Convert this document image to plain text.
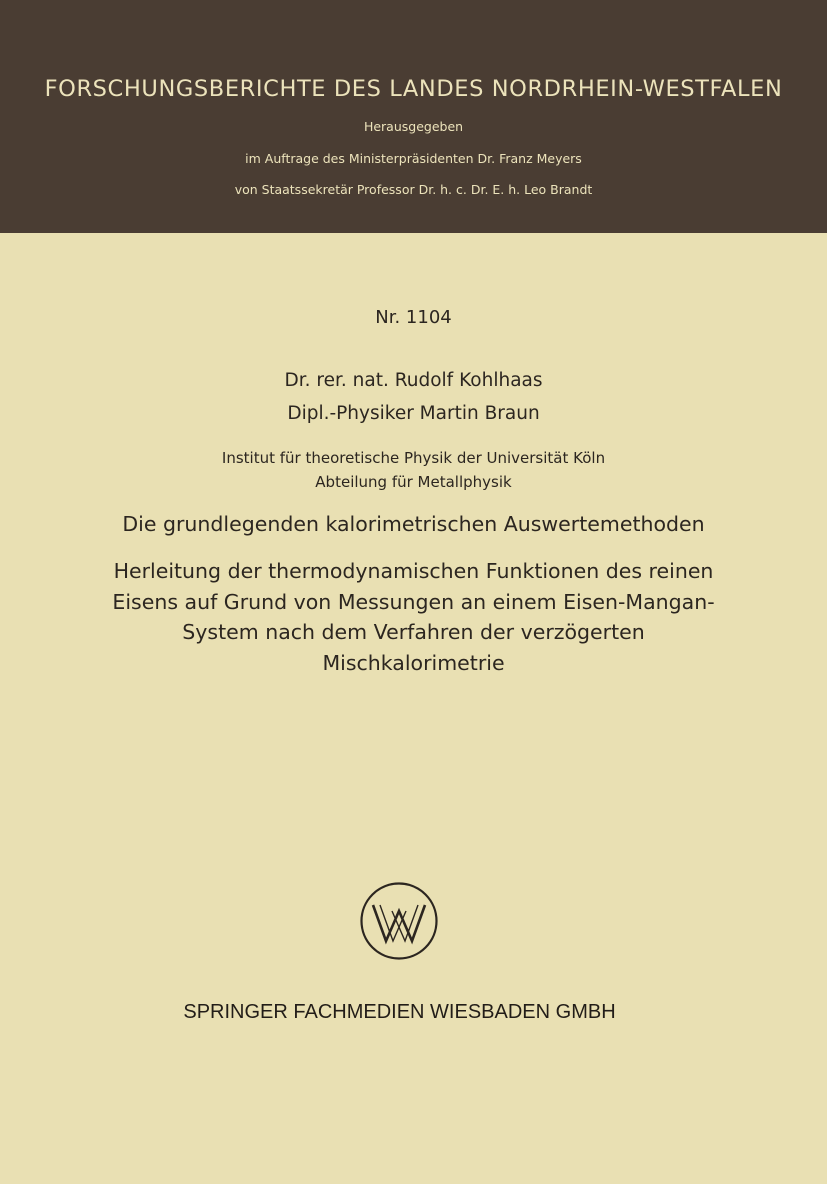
FORSCHUNGSBERICHTE DES LANDES NORDRHEIN-WESTFALEN
Herausgegeben
im Auftrage des Ministerpräsidenten Dr. Franz Meyers
von Staatssekretär Professor Dr. h. c. Dr. E. h. Leo Brandt
Nr. 1104
Dr. rer. nat. Rudolf Kohlhaas
Dipl.-Physiker Martin Braun
Institut für theoretische Physik der Universität Köln
Abteilung für Metallphysik
Die grundlegenden kalorimetrischen Auswertemethoden
Herleitung der thermodynamischen Funktionen des reinen
Eisens auf Grund von Messungen an einem Eisen-Mangan-
System nach dem Verfahren der verzögerten
Mischkalorimetrie
SPRINGER FACHMEDIEN WIESBADEN GMBH
